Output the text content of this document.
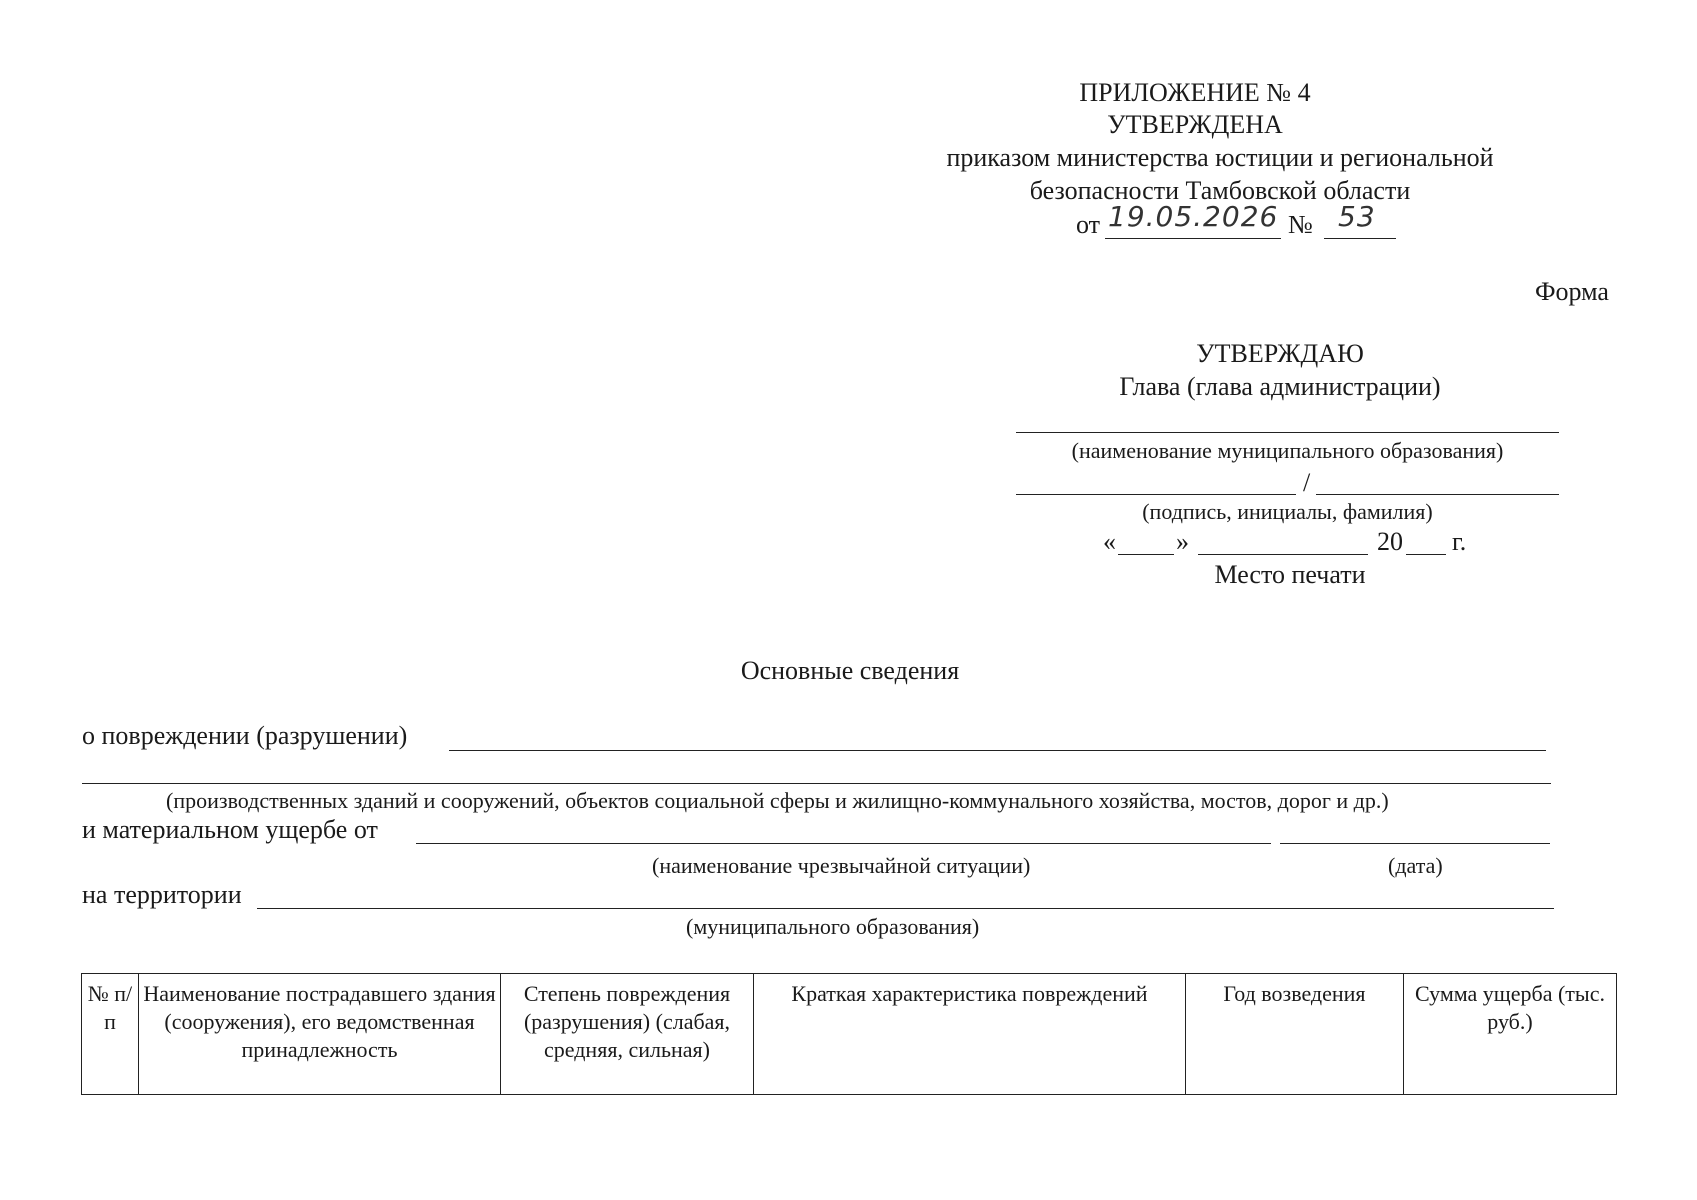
ПРИЛОЖЕНИЕ № 4
УТВЕРЖДЕНА
приказом министерства юстиции и региональной
безопасности Тамбовской области
от 19.05.2026 № 53
Форма
УТВЕРЖДАЮ
Глава (глава администрации)
(наименование муниципального образования)
/
(подпись, инициалы, фамилия)
« »	20 г.
Место печати
Основные сведения
о повреждении (разрушении)
(производственных зданий и сооружений, объектов социальной сферы и жилищно-коммунального хозяйства, мостов, дорог и др.)
и материальном ущербе от
(наименование чрезвычайной ситуации)	(дата)
на территории
(муниципального образования)
№ п/п	Наименование пострадавшего здания (сооружения), его ведомственная принадлежность	Степень повреждения (разрушения) (слабая, средняя, сильная)	Краткая характеристика повреждений	Год возведения	Сумма ущерба (тыс. руб.)
